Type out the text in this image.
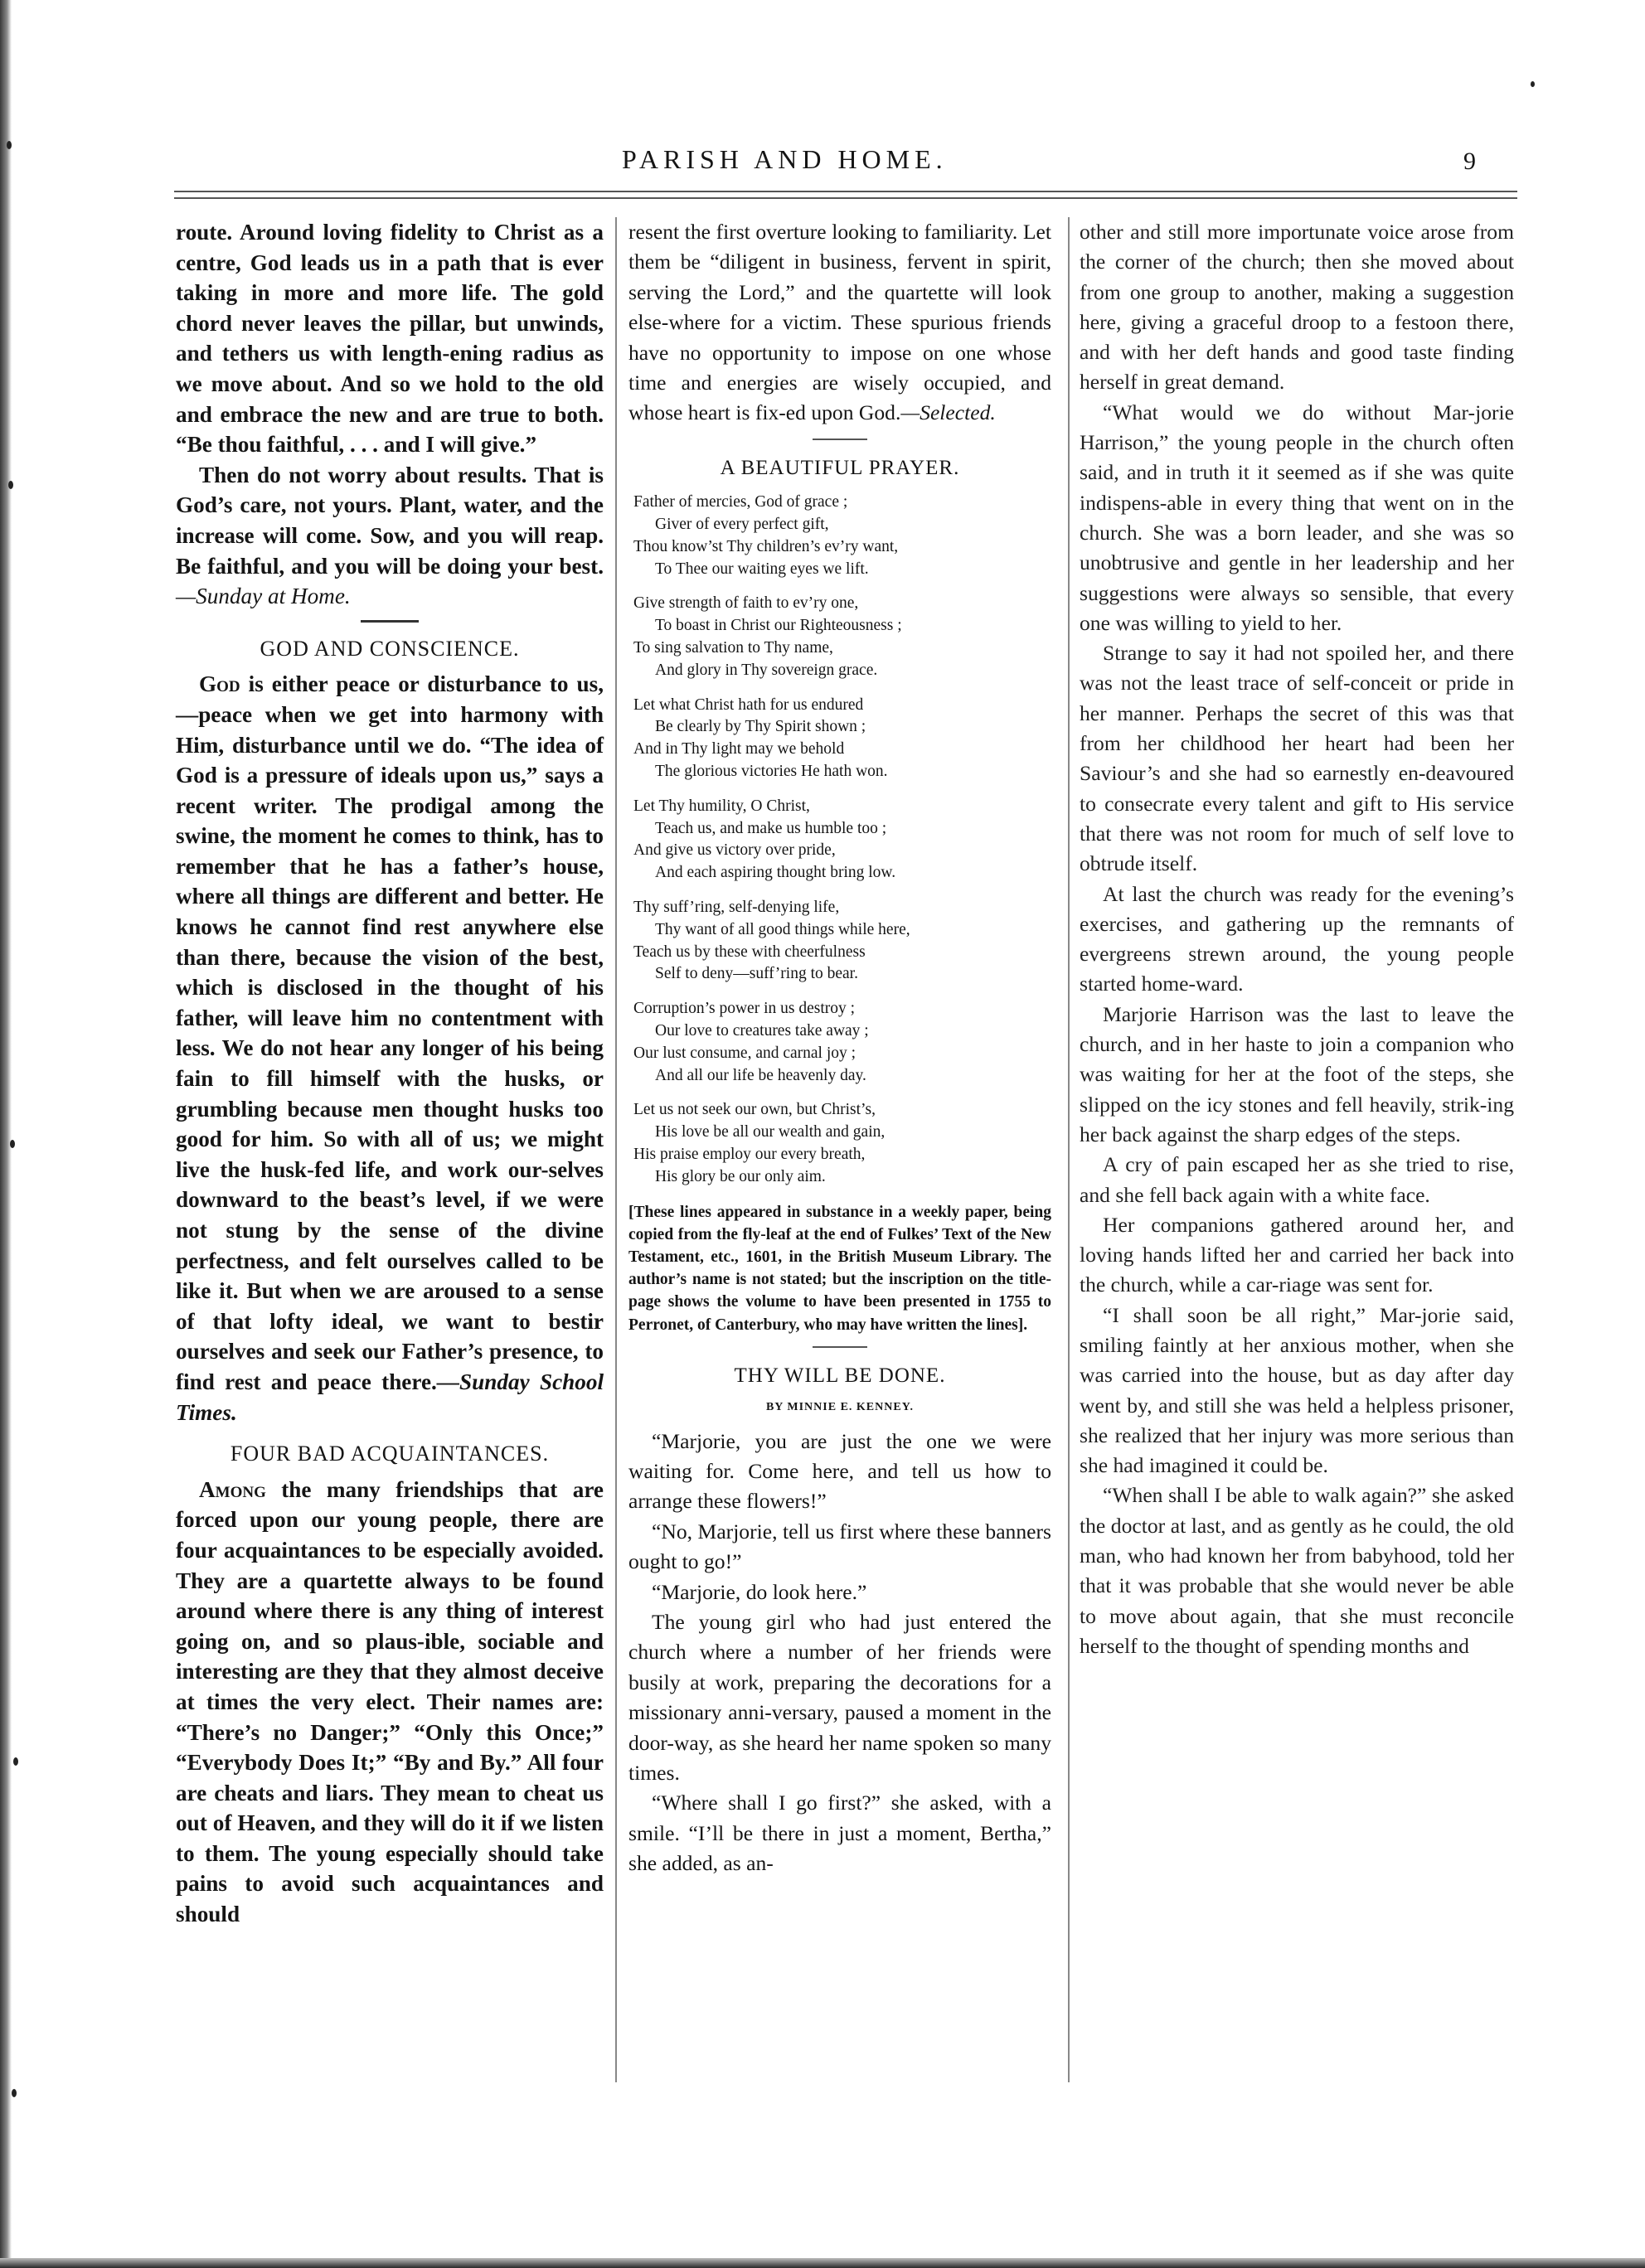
PARISH AND HOME.	9

route. Around loving fidelity to Christ as a centre, God leads us in a path that is ever taking in more and more life. The gold chord never leaves the pillar, but unwinds, and tethers us with length-ening radius as we move about. And so we hold to the old and embrace the new and are true to both. “Be thou faithful, . . . and I will give.”

Then do not worry about results. That is God’s care, not yours. Plant, water, and the increase will come. Sow, and you will reap. Be faithful, and you will be doing your best.—Sunday at Home.

GOD AND CONSCIENCE.

God is either peace or disturbance to us,—peace when we get into harmony with Him, disturbance until we do. “The idea of God is a pressure of ideals upon us,” says a recent writer. The prodigal among the swine, the moment he comes to think, has to remember that he has a father’s house, where all things are different and better. He knows he cannot find rest anywhere else than there, because the vision of the best, which is disclosed in the thought of his father, will leave him no contentment with less. We do not hear any longer of his being fain to fill himself with the husks, or grumbling because men thought husks too good for him. So with all of us; we might live the husk-fed life, and work our-selves downward to the beast’s level, if we were not stung by the sense of the divine perfectness, and felt ourselves called to be like it. But when we are aroused to a sense of that lofty ideal, we want to bestir ourselves and seek our Father’s presence, to find rest and peace there.—Sunday School Times.

FOUR BAD ACQUAINTANCES.

Among the many friendships that are forced upon our young people, there are four acquaintances to be especially avoided. They are a quartette always to be found around where there is any thing of interest going on, and so plaus-ible, sociable and interesting are they that they almost deceive at times the very elect. Their names are: “There’s no Danger;” “Only this Once;” “Everybody Does It;” “By and By.” All four are cheats and liars. They mean to cheat us out of Heaven, and they will do it if we listen to them. The young especially should take pains to avoid such acquaintances and should

resent the first overture looking to familiarity. Let them be “diligent in business, fervent in spirit, serving the Lord,” and the quartette will look else-where for a victim. These spurious friends have no opportunity to impose on one whose time and energies are wisely occupied, and whose heart is fix-ed upon God.—Selected.

A BEAUTIFUL PRAYER.
Father of mercies, God of grace ;
Giver of every perfect gift,
Thou know’st Thy children’s ev’ry want,
To Thee our waiting eyes we lift.
Give strength of faith to ev’ry one,
To boast in Christ our Righteousness ;
To sing salvation to Thy name,
And glory in Thy sovereign grace.
Let what Christ hath for us endured
Be clearly by Thy Spirit shown ;
And in Thy light may we behold
The glorious victories He hath won.
Let Thy humility, O Christ,
Teach us, and make us humble too ;
And give us victory over pride,
And each aspiring thought bring low.
Thy suff’ring, self-denying life,
Thy want of all good things while here,
Teach us by these with cheerfulness
Self to deny—suff’ring to bear.
Corruption’s power in us destroy ;
Our love to creatures take away ;
Our lust consume, and carnal joy ;
And all our life be heavenly day.
Let us not seek our own, but Christ’s,
His love be all our wealth and gain,
His praise employ our every breath,
His glory be our only aim.
[These lines appeared in substance in a weekly paper, being copied from the fly-leaf at the end of Fulkes’ Text of the New Testament, etc., 1601, in the British Museum Library. The author’s name is not stated; but the inscription on the title-page shows the volume to have been presented in 1755 to Perronet, of Canterbury, who may have written the lines].
THY WILL BE DONE.
BY MINNIE E. KENNEY.

“Marjorie, you are just the one we were waiting for. Come here, and tell us how to arrange these flowers!”

“No, Marjorie, tell us first where these banners ought to go!”

“Marjorie, do look here.”

The young girl who had just entered the church where a number of her friends were busily at work, preparing the decorations for a missionary anni-versary, paused a moment in the door-way, as she heard her name spoken so many times.

“Where shall I go first?” she asked, with a smile. “I’ll be there in just a moment, Bertha,” she added, as an-

other and still more importunate voice arose from the corner of the church; then she moved about from one group to another, making a suggestion here, giving a graceful droop to a festoon there, and with her deft hands and good taste finding herself in great demand.

“What would we do without Mar-jorie Harrison,” the young people in the church often said, and in truth it it seemed as if she was quite indispens-able in every thing that went on in the church. She was a born leader, and she was so unobtrusive and gentle in her leadership and her suggestions were always so sensible, that every one was willing to yield to her.

Strange to say it had not spoiled her, and there was not the least trace of self-conceit or pride in her manner. Perhaps the secret of this was that from her childhood her heart had been her Saviour’s and she had so earnestly en-deavoured to consecrate every talent and gift to His service that there was not room for much of self love to obtrude itself.

At last the church was ready for the evening’s exercises, and gathering up the remnants of evergreens strewn around, the young people started home-ward.

Marjorie Harrison was the last to leave the church, and in her haste to join a companion who was waiting for her at the foot of the steps, she slipped on the icy stones and fell heavily, strik-ing her back against the sharp edges of the steps.

A cry of pain escaped her as she tried to rise, and she fell back again with a white face.

Her companions gathered around her, and loving hands lifted her and carried her back into the church, while a car-riage was sent for.

“I shall soon be all right,” Mar-jorie said, smiling faintly at her anxious mother, when she was carried into the house, but as day after day went by, and still she was held a helpless prisoner, she realized that her injury was more serious than she had imagined it could be.

“When shall I be able to walk again?” she asked the doctor at last, and as gently as he could, the old man, who had known her from babyhood, told her that it was probable that she would never be able to move about again, that she must reconcile herself to the thought of spending months and
